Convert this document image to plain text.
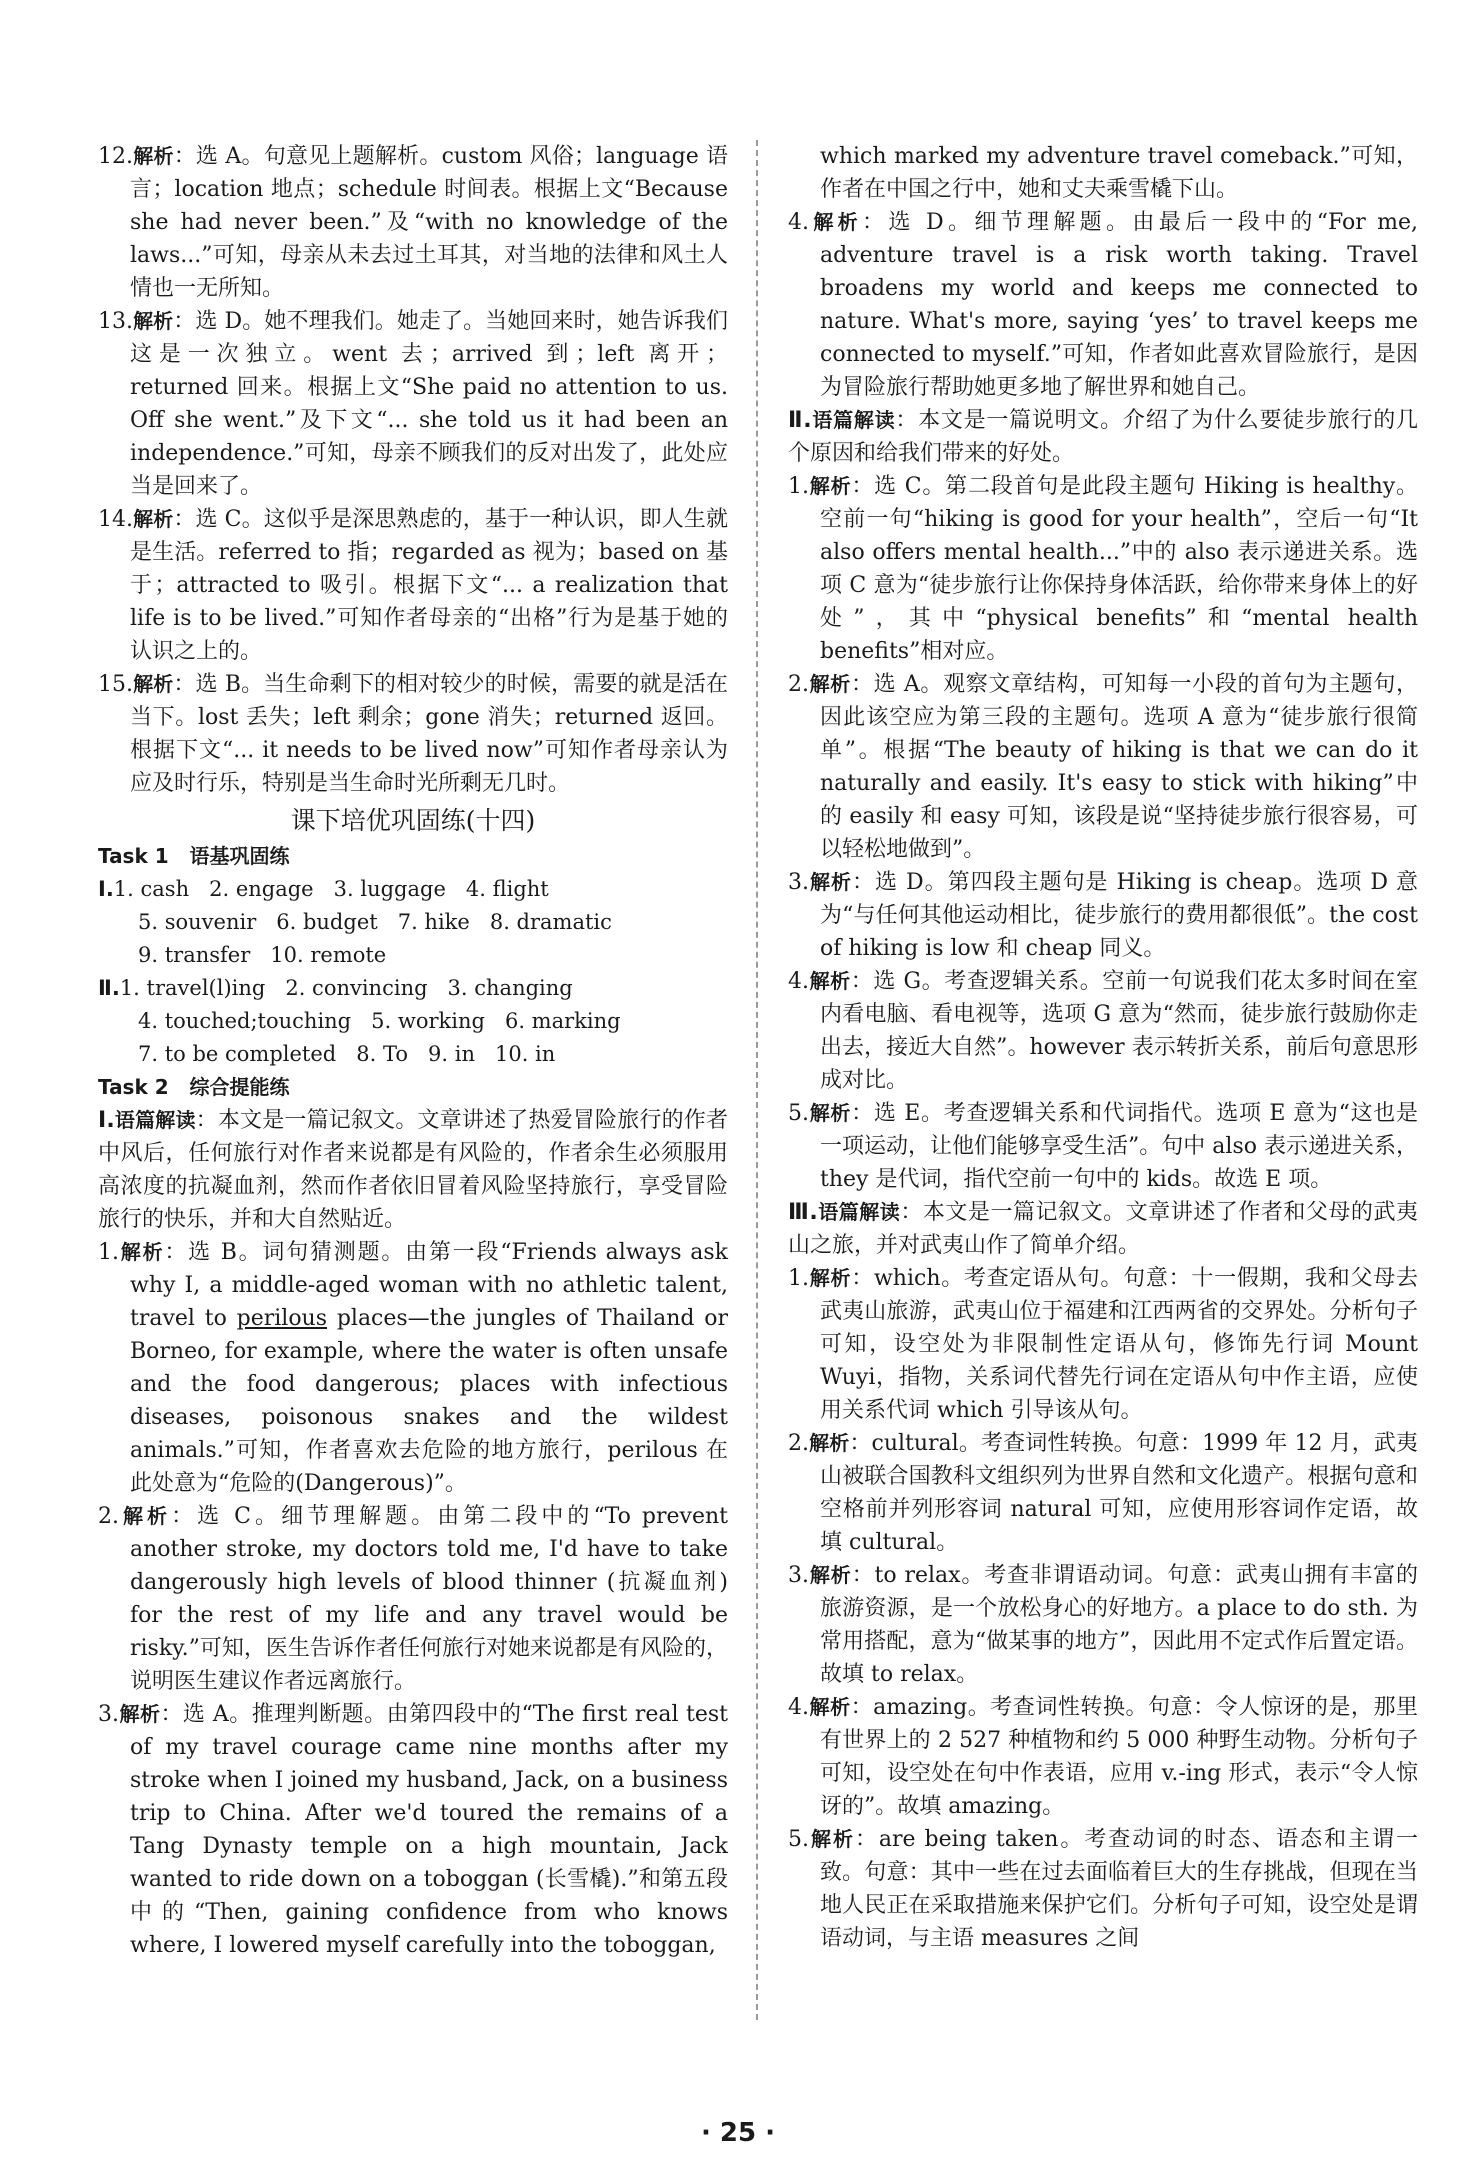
12.解析：选 A。句意见上题解析。custom 风俗；language 语言；location 地点；schedule 时间表。根据上文“Because she had never been.”及“with no knowledge of the laws...”可知，母亲从未去过土耳其，对当地的法律和风土人情也一无所知。

13.解析：选 D。她不理我们。她走了。当她回来时，她告诉我们这是一次独立。went 去；arrived 到；left 离开；returned 回来。根据上文“She paid no attention to us. Off she went.”及下文“... she told us it had been an independence.”可知，母亲不顾我们的反对出发了，此处应当是回来了。

14.解析：选 C。这似乎是深思熟虑的，基于一种认识，即人生就是生活。referred to 指；regarded as 视为；based on 基于；attracted to 吸引。根据下文“... a realization that life is to be lived.”可知作者母亲的“出格”行为是基于她的认识之上的。

15.解析：选 B。当生命剩下的相对较少的时候，需要的就是活在当下。lost 丢失；left 剩余；gone 消失；returned 返回。根据下文“... it needs to be lived now”可知作者母亲认为应及时行乐，特别是当生命时光所剩无几时。

课下培优巩固练(十四)

Task 1 语基巩固练

Ⅰ.1. cash   2. engage   3. luggage   4. flight

5. souvenir   6. budget   7. hike   8. dramatic

9. transfer   10. remote

Ⅱ.1. travel(l)ing   2. convincing   3. changing

4. touched;touching   5. working   6. marking

7. to be completed   8. To   9. in   10. in

Task 2 综合提能练

Ⅰ.语篇解读：本文是一篇记叙文。文章讲述了热爱冒险旅行的作者中风后，任何旅行对作者来说都是有风险的，作者余生必须服用高浓度的抗凝血剂，然而作者依旧冒着风险坚持旅行，享受冒险旅行的快乐，并和大自然贴近。

1.解析：选 B。词句猜测题。由第一段“Friends always ask why I, a middle-aged woman with no athletic talent, travel to perilous places—the jungles of Thailand or Borneo, for example, where the water is often unsafe and the food dangerous; places with infectious diseases, poisonous snakes and the wildest animals.”可知，作者喜欢去危险的地方旅行，perilous 在此处意为“危险的(Dangerous)”。

2.解析：选 C。细节理解题。由第二段中的“To prevent another stroke, my doctors told me, I'd have to take dangerously high levels of blood thinner (抗凝血剂) for the rest of my life and any travel would be risky.”可知，医生告诉作者任何旅行对她来说都是有风险的，说明医生建议作者远离旅行。

3.解析：选 A。推理判断题。由第四段中的“The first real test of my travel courage came nine months after my stroke when I joined my husband, Jack, on a business trip to China. After we'd toured the remains of a Tang Dynasty temple on a high mountain, Jack wanted to ride down on a toboggan (长雪橇).”和第五段中的“Then, gaining confidence from who knows where, I lowered myself carefully into the toboggan,

which marked my adventure travel comeback.”可知，作者在中国之行中，她和丈夫乘雪橇下山。

4.解析：选 D。细节理解题。由最后一段中的“For me, adventure travel is a risk worth taking. Travel broadens my world and keeps me connected to nature. What's more, saying ‘yes’ to travel keeps me connected to myself.”可知，作者如此喜欢冒险旅行，是因为冒险旅行帮助她更多地了解世界和她自己。

Ⅱ.语篇解读：本文是一篇说明文。介绍了为什么要徒步旅行的几个原因和给我们带来的好处。

1.解析：选 C。第二段首句是此段主题句 Hiking is healthy。空前一句“hiking is good for your health”，空后一句“It also offers mental health...”中的 also 表示递进关系。选项 C 意为“徒步旅行让你保持身体活跃，给你带来身体上的好处”，其中“physical benefits”和“mental health benefits”相对应。

2.解析：选 A。观察文章结构，可知每一小段的首句为主题句，因此该空应为第三段的主题句。选项 A 意为“徒步旅行很简单”。根据“The beauty of hiking is that we can do it naturally and easily. It's easy to stick with hiking”中的 easily 和 easy 可知，该段是说“坚持徒步旅行很容易，可以轻松地做到”。

3.解析：选 D。第四段主题句是 Hiking is cheap。选项 D 意为“与任何其他运动相比，徒步旅行的费用都很低”。the cost of hiking is low 和 cheap 同义。

4.解析：选 G。考查逻辑关系。空前一句说我们花太多时间在室内看电脑、看电视等，选项 G 意为“然而，徒步旅行鼓励你走出去，接近大自然”。however 表示转折关系，前后句意思形成对比。

5.解析：选 E。考查逻辑关系和代词指代。选项 E 意为“这也是一项运动，让他们能够享受生活”。句中 also 表示递进关系，they 是代词，指代空前一句中的 kids。故选 E 项。

Ⅲ.语篇解读：本文是一篇记叙文。文章讲述了作者和父母的武夷山之旅，并对武夷山作了简单介绍。

1.解析：which。考查定语从句。句意：十一假期，我和父母去武夷山旅游，武夷山位于福建和江西两省的交界处。分析句子可知，设空处为非限制性定语从句，修饰先行词 Mount Wuyi，指物，关系词代替先行词在定语从句中作主语，应使用关系代词 which 引导该从句。

2.解析：cultural。考查词性转换。句意：1999 年 12 月，武夷山被联合国教科文组织列为世界自然和文化遗产。根据句意和空格前并列形容词 natural 可知，应使用形容词作定语，故填 cultural。

3.解析：to relax。考查非谓语动词。句意：武夷山拥有丰富的旅游资源，是一个放松身心的好地方。a place to do sth. 为常用搭配，意为“做某事的地方”，因此用不定式作后置定语。故填 to relax。

4.解析：amazing。考查词性转换。句意：令人惊讶的是，那里有世界上的 2 527 种植物和约 5 000 种野生动物。分析句子可知，设空处在句中作表语，应用 v.-ing 形式，表示“令人惊讶的”。故填 amazing。

5.解析：are being taken。考查动词的时态、语态和主谓一致。句意：其中一些在过去面临着巨大的生存挑战，但现在当地人民正在采取措施来保护它们。分析句子可知，设空处是谓语动词，与主语 measures 之间

· 25 ·
